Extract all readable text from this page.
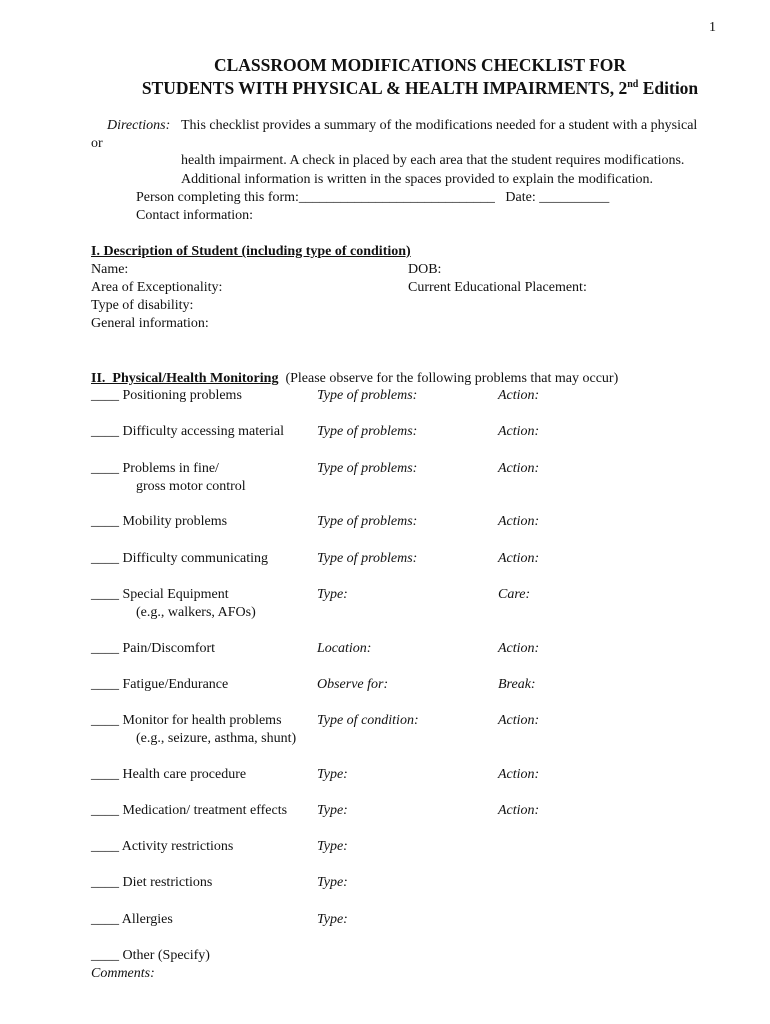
1
CLASSROOM MODIFICATIONS CHECKLIST FOR
STUDENTS WITH PHYSICAL & HEALTH IMPAIRMENTS, 2nd Edition
Directions: This checklist provides a summary of the modifications needed for a student with a physical
or
health impairment. A check in placed by each area that the student requires modifications.
Additional information is written in the spaces provided to explain the modification.
Person completing this form:____________________________   Date: __________
Contact information:
I. Description of Student (including type of condition)
Name:	DOB:
Area of Exceptionality:	Current Educational Placement:
Type of disability:
General information:
II.  Physical/Health Monitoring  (Please observe for the following problems that may occur)
____ Positioning problems	Type of problems:	Action:
____ Difficulty accessing material Type of problems:	Action:
____ Problems in fine/	Type of problems:	Action:
gross motor control
____ Mobility problems	Type of problems:	Action:
____ Difficulty communicating	Type of problems:	Action:
____ Special Equipment	Type:	Care:
(e.g., walkers, AFOs)
____ Pain/Discomfort	Location:	Action:
____ Fatigue/Endurance	Observe for:	Break:
____ Monitor for health problems	Type of condition:	Action:
(e.g., seizure, asthma, shunt)
____ Health care procedure	Type:	Action:
____ Medication/ treatment effects Type:	Action:
____ Activity restrictions	Type:
____ Diet restrictions	Type:
____ Allergies	Type:
____ Other (Specify)
Comments:
